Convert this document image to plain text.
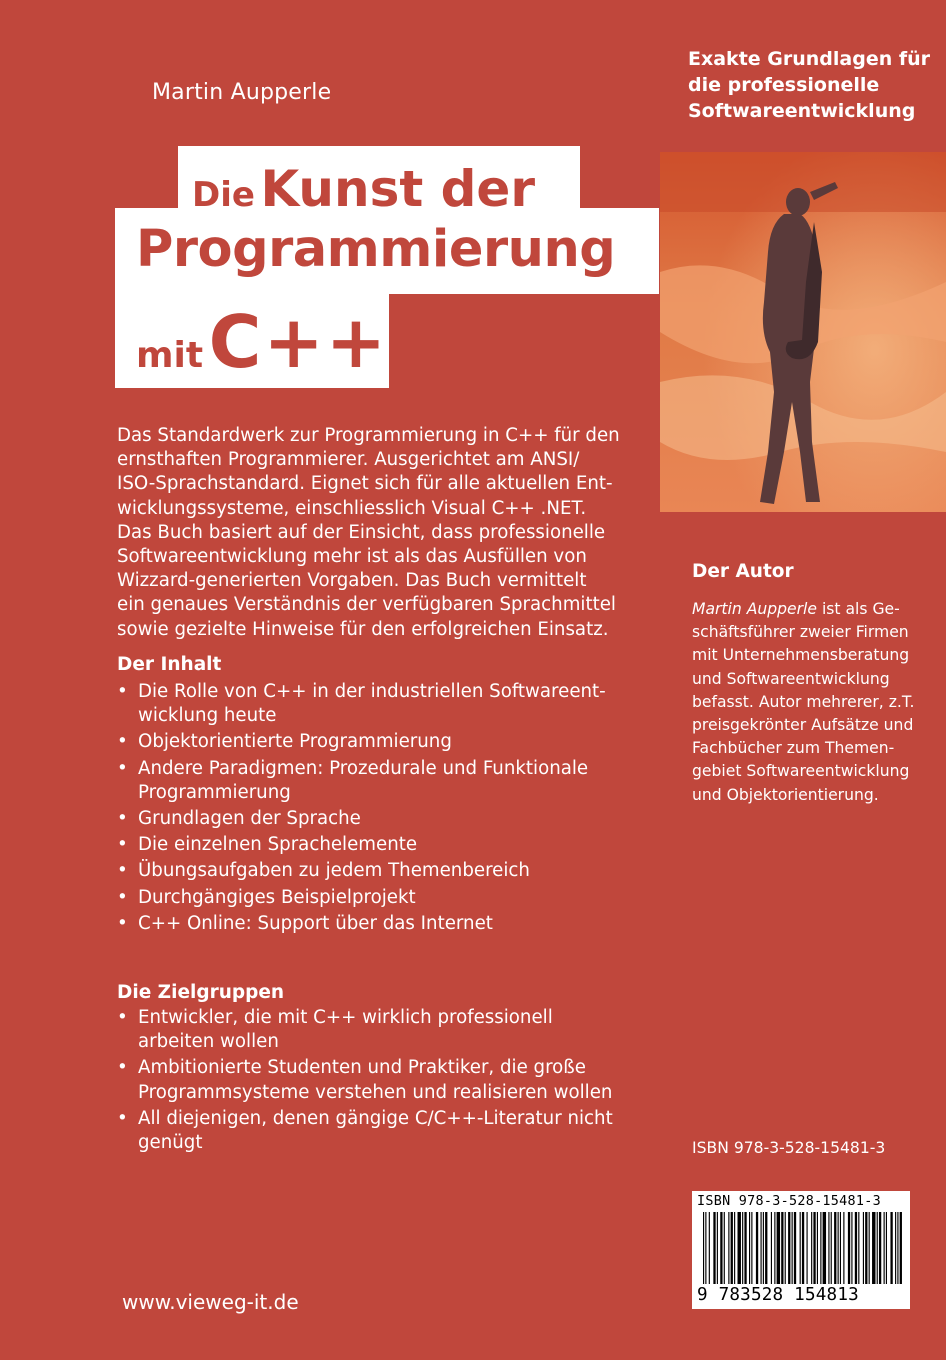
Martin Aupperle
Die Kunst der
Programmierung
mit C++
Exakte Grundlagen für
die professionelle
Softwareentwicklung
Das Standardwerk zur Programmierung in C++ für den
ernsthaften Programmierer. Ausgerichtet am ANSI/
ISO-Sprachstandard. Eignet sich für alle aktuellen Ent-
wicklungssysteme, einschliesslich Visual C++ .NET.
Das Buch basiert auf der Einsicht, dass professionelle
Softwareentwicklung mehr ist als das Ausfüllen von
Wizzard-generierten Vorgaben. Das Buch vermittelt
ein genaues Verständnis der verfügbaren Sprachmittel
sowie gezielte Hinweise für den erfolgreichen Einsatz.
Der Inhalt
• Die Rolle von C++ in der industriellen Softwareent-
wicklung heute
• Objektorientierte Programmierung
• Andere Paradigmen: Prozedurale und Funktionale
Programmierung
• Grundlagen der Sprache
• Die einzelnen Sprachelemente
• Übungsaufgaben zu jedem Themenbereich
• Durchgängiges Beispielprojekt
• C++ Online: Support über das Internet
Die Zielgruppen
• Entwickler, die mit C++ wirklich professionell
arbeiten wollen
• Ambitionierte Studenten und Praktiker, die große
Programmsysteme verstehen und realisieren wollen
• All diejenigen, denen gängige C/C++-Literatur nicht
genügt
Der Autor
Martin Aupperle ist als Ge-
schäftsführer zweier Firmen
mit Unternehmensberatung
und Softwareentwicklung
befasst. Autor mehrerer, z.T.
preisgekrönter Aufsätze und
Fachbücher zum Themen-
gebiet Softwareentwicklung
und Objektorientierung.
ISBN 978-3-528-15481-3
ISBN 978-3-528-15481-3
9 783528 154813
www.vieweg-it.de
